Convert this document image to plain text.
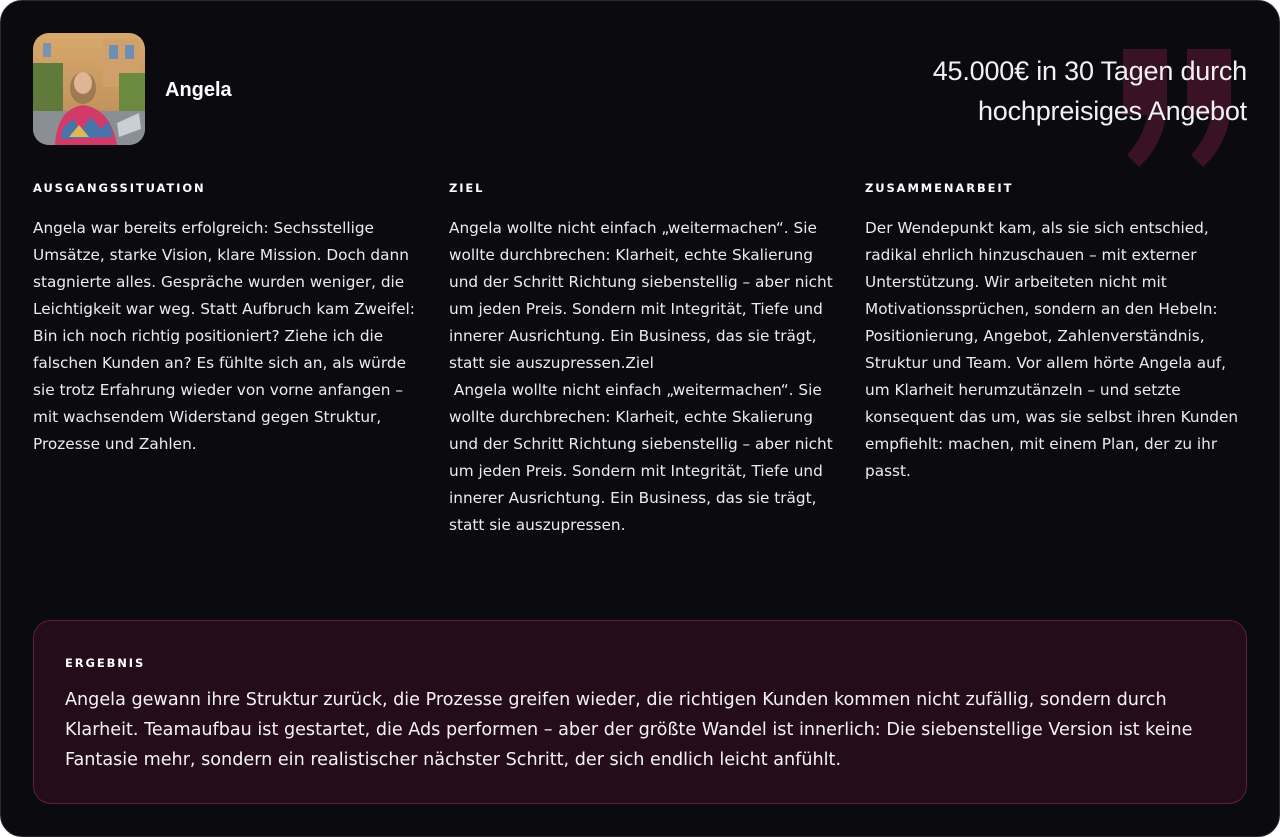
Angela
45.000€ in 30 Tagen durch hochpreisiges Angebot
AUSGANGSSITUATION

Angela war bereits erfolgreich: Sechsstellige Umsätze, starke Vision, klare Mission. Doch dann stagnierte alles. Gespräche wurden weniger, die Leichtigkeit war weg. Statt Aufbruch kam Zweifel: Bin ich noch richtig positioniert? Ziehe ich die falschen Kunden an? Es fühlte sich an, als würde sie trotz Erfahrung wieder von vorne anfangen – mit wachsendem Widerstand gegen Struktur, Prozesse und Zahlen.

ZIEL

Angela wollte nicht einfach „weitermachen“. Sie wollte durchbrechen: Klarheit, echte Skalierung und der Schritt Richtung siebenstellig – aber nicht um jeden Preis. Sondern mit Integrität, Tiefe und innerer Ausrichtung. Ein Business, das sie trägt, statt sie auszupressen.Ziel
Angela wollte nicht einfach „weitermachen“. Sie wollte durchbrechen: Klarheit, echte Skalierung und der Schritt Richtung siebenstellig – aber nicht um jeden Preis. Sondern mit Integrität, Tiefe und innerer Ausrichtung. Ein Business, das sie trägt, statt sie auszupressen.

ZUSAMMENARBEIT

Der Wendepunkt kam, als sie sich entschied, radikal ehrlich hinzuschauen – mit externer Unterstützung. Wir arbeiteten nicht mit Motivationssprüchen, sondern an den Hebeln: Positionierung, Angebot, Zahlenverständnis, Struktur und Team. Vor allem hörte Angela auf, um Klarheit herumzutänzeln – und setzte konsequent das um, was sie selbst ihren Kunden empfiehlt: machen, mit einem Plan, der zu ihr passt.

ERGEBNIS

Angela gewann ihre Struktur zurück, die Prozesse greifen wieder, die richtigen Kunden kommen nicht zufällig, sondern durch Klarheit. Teamaufbau ist gestartet, die Ads performen – aber der größte Wandel ist innerlich: Die siebenstellige Version ist keine Fantasie mehr, sondern ein realistischer nächster Schritt, der sich endlich leicht anfühlt.
